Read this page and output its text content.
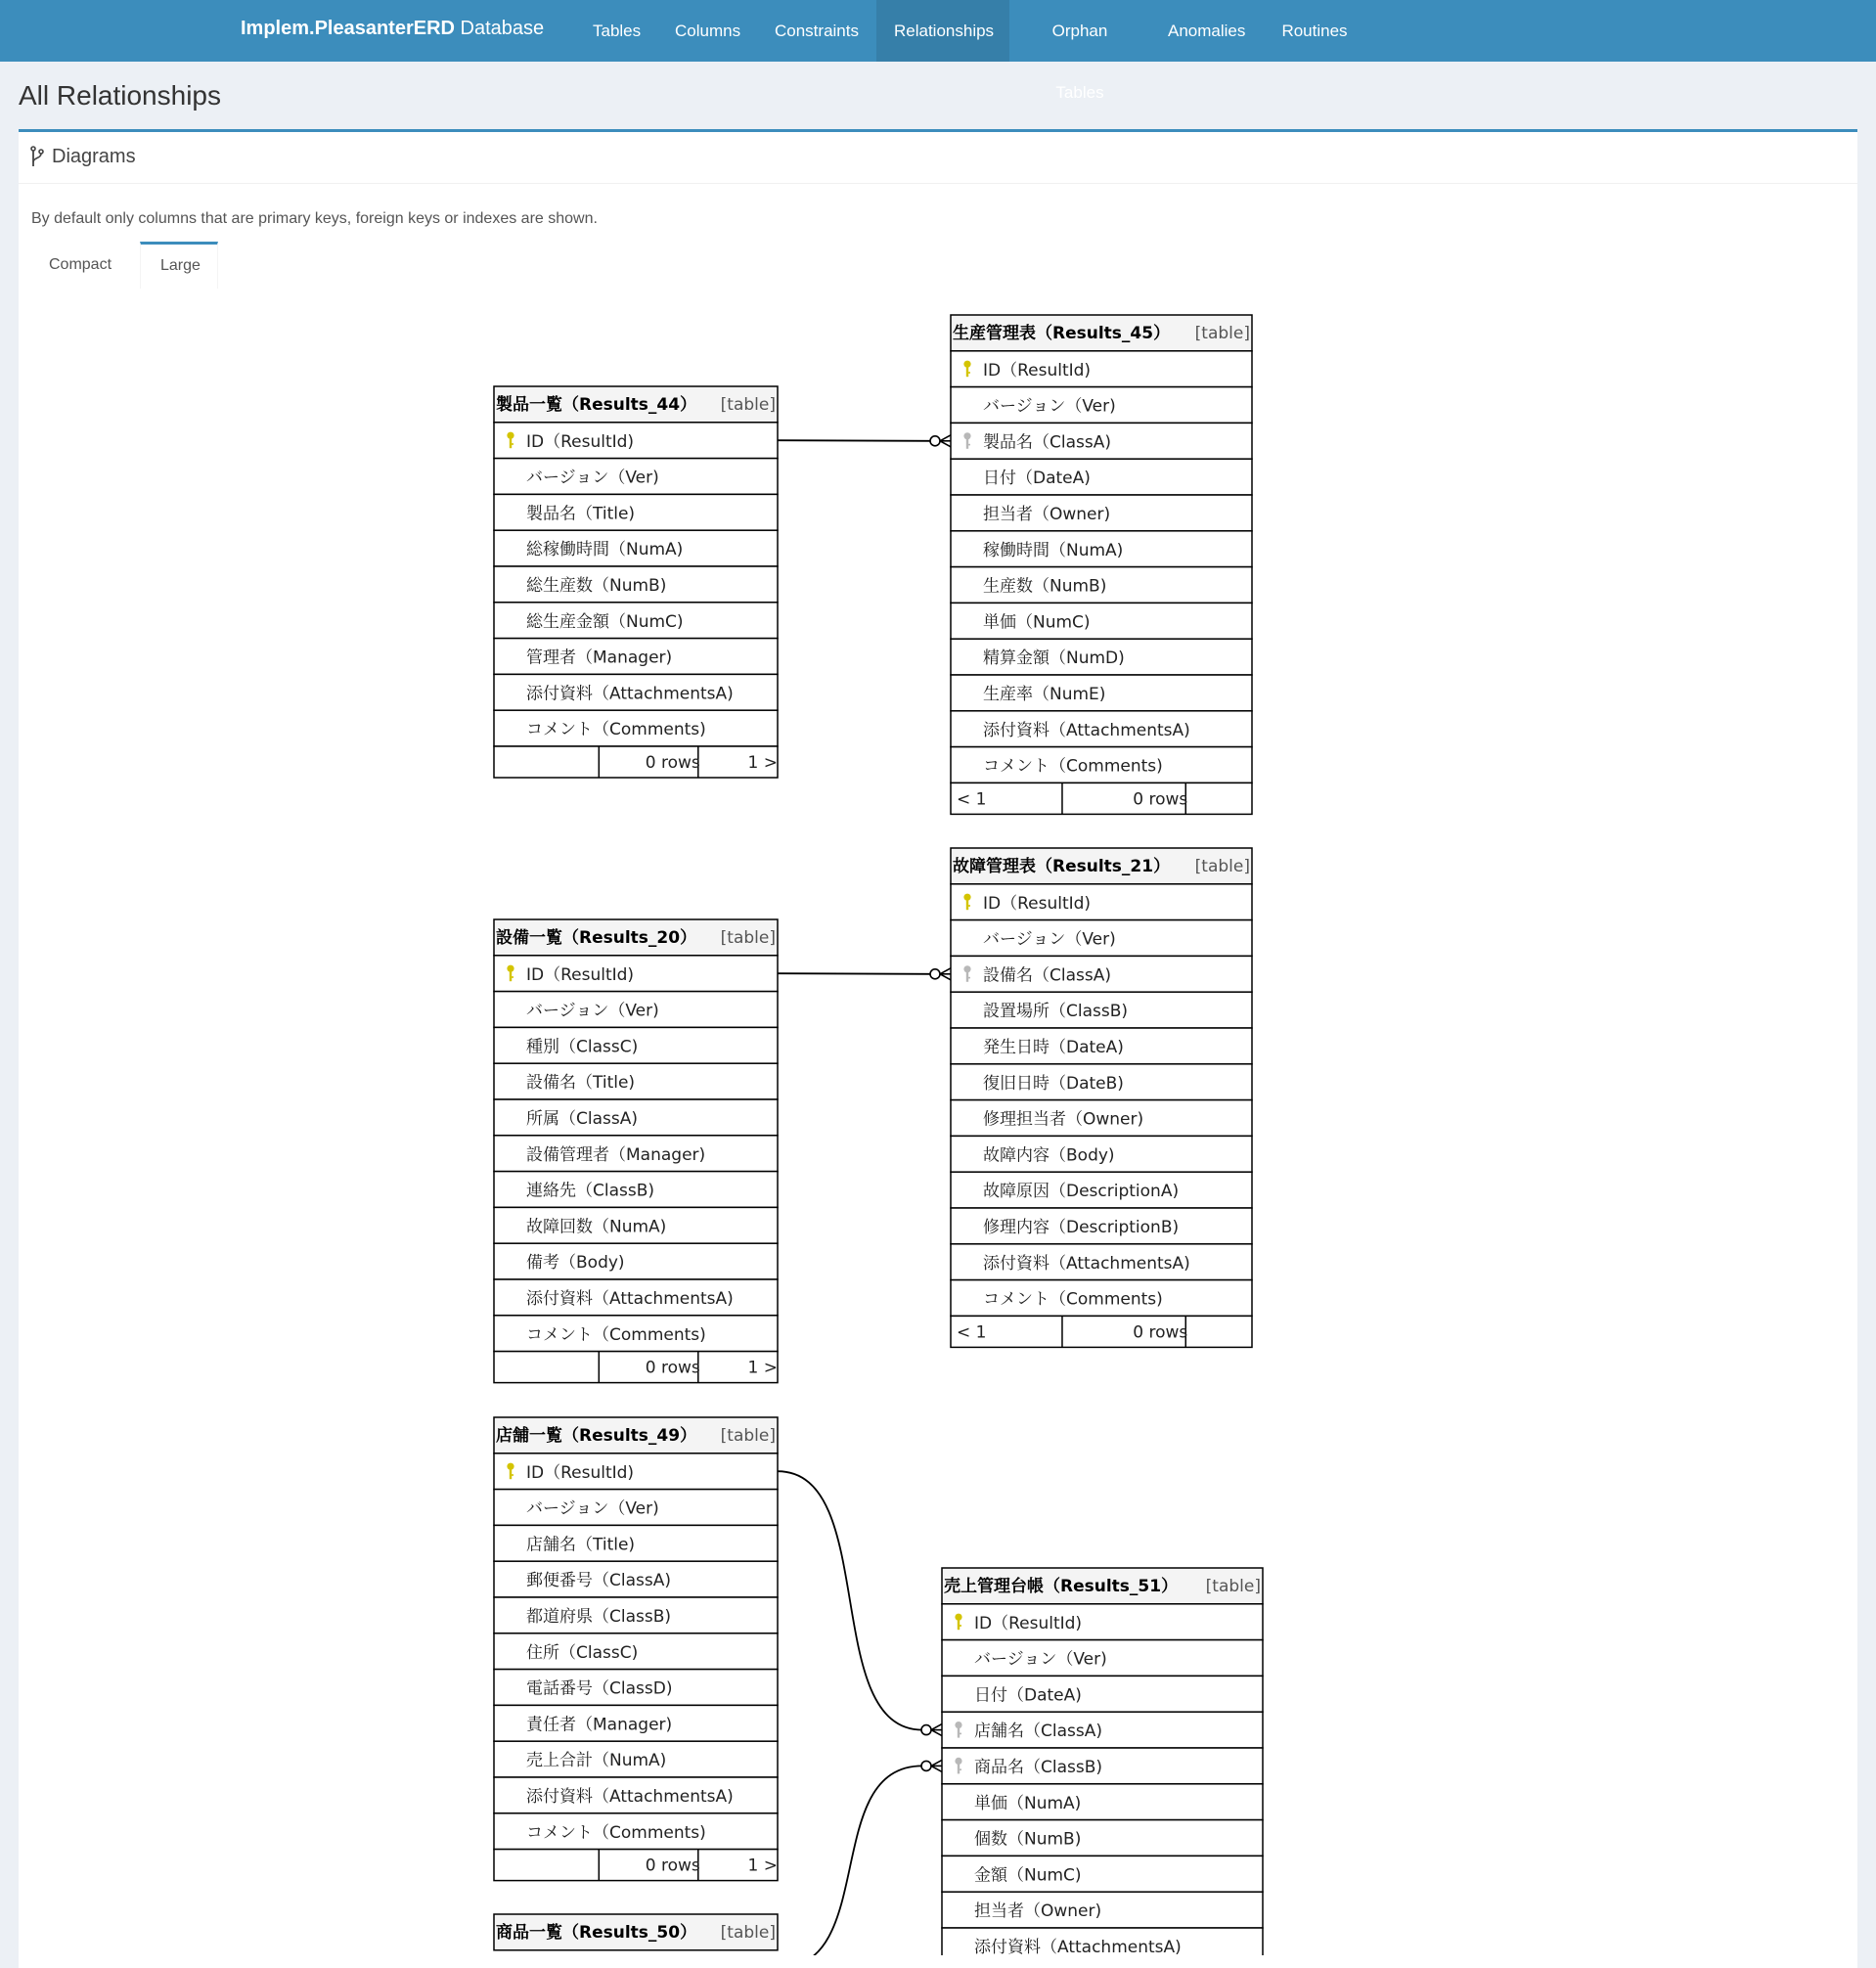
Implem.PleasanterERD Database	Tables	Columns	Constraints	Relationships	Orphan Tables
Anomalies	Routines
All Relationships
Diagrams
By default only columns that are primary keys, foreign keys or indexes are shown.
Compact	Large
製品一覧（Results_44） [table]
ID（ResultId)
バージョン（Ver)
製品名（Title)
総稼働時間（NumA)
総生産数（NumB)
総生産金額（NumC)
管理者（Manager)
添付資料（AttachmentsA)
コメント（Comments)
0 rows	1 >
生産管理表（Results_45） [table]
ID（ResultId)
バージョン（Ver)
製品名（ClassA)
日付（DateA)
担当者（Owner)
稼働時間（NumA)
生産数（NumB)
単価（NumC)
精算金額（NumD)
生産率（NumE)
添付資料（AttachmentsA)
コメント（Comments)
< 1	0 rows
設備一覧（Results_20） [table]
ID（ResultId)
バージョン（Ver)
種別（ClassC)
設備名（Title)
所属（ClassA)
設備管理者（Manager)
連絡先（ClassB)
故障回数（NumA)
備考（Body)
添付資料（AttachmentsA)
コメント（Comments)
0 rows	1 >
故障管理表（Results_21） [table]
ID（ResultId)
バージョン（Ver)
設備名（ClassA)
設置場所（ClassB)
発生日時（DateA)
復旧日時（DateB)
修理担当者（Owner)
故障内容（Body)
故障原因（DescriptionA)
修理内容（DescriptionB)
添付資料（AttachmentsA)
コメント（Comments)
< 1	0 rows
店舗一覧（Results_49） [table]
ID（ResultId)
バージョン（Ver)
店舗名（Title)
郵便番号（ClassA)
都道府県（ClassB)
住所（ClassC)
電話番号（ClassD)
責任者（Manager)
売上合計（NumA)
添付資料（AttachmentsA)
コメント（Comments)
0 rows	1 >
売上管理台帳（Results_51） [table]
ID（ResultId)
バージョン（Ver)
日付（DateA)
店舗名（ClassA)
商品名（ClassB)
単価（NumA)
個数（NumB)
金額（NumC)
担当者（Owner)
添付資料（AttachmentsA)
商品一覧（Results_50） [table]
